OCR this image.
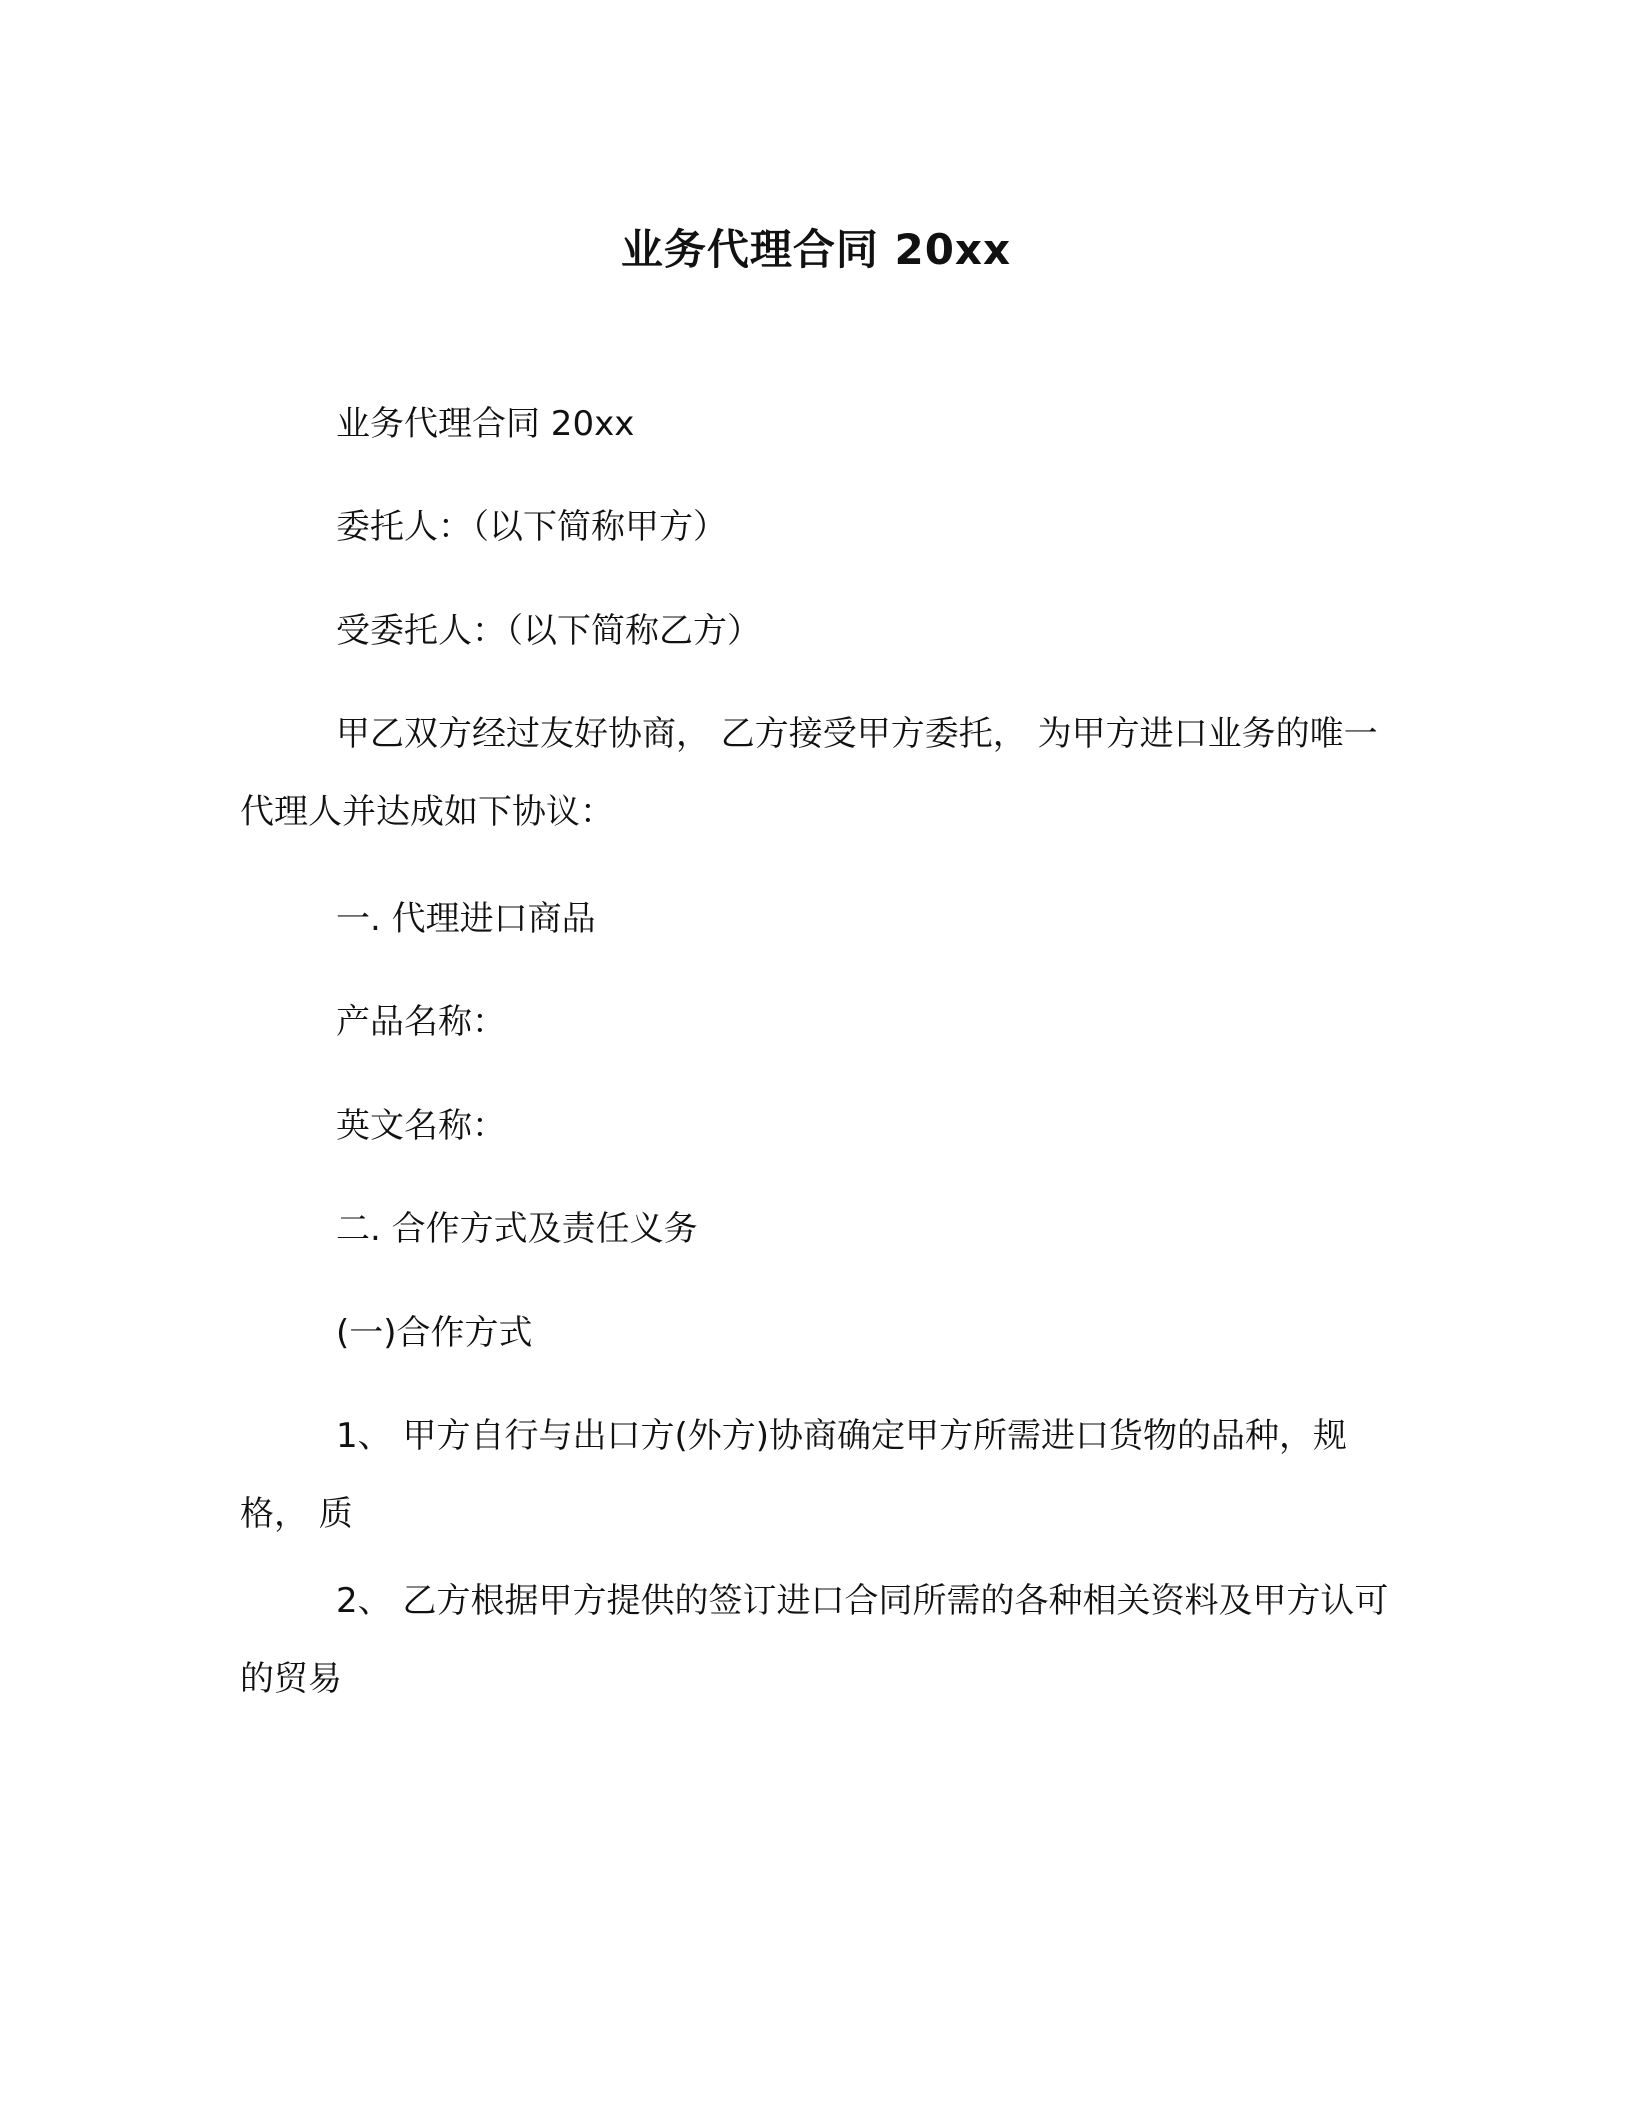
业务代理合同 20xx

业务代理合同 20xx

委托人：（以下简称甲方）

受委托人：（以下简称乙方）

甲乙双方经过友好协商， 乙方接受甲方委托， 为甲方进口业务的唯一代理人并达成如下协议：

一. 代理进口商品

产品名称：

英文名称：

二. 合作方式及责任义务

(一)合作方式

1、 甲方自行与出口方(外方)协商确定甲方所需进口货物的品种，规格， 质

2、 乙方根据甲方提供的签订进口合同所需的各种相关资料及甲方认可的贸易
